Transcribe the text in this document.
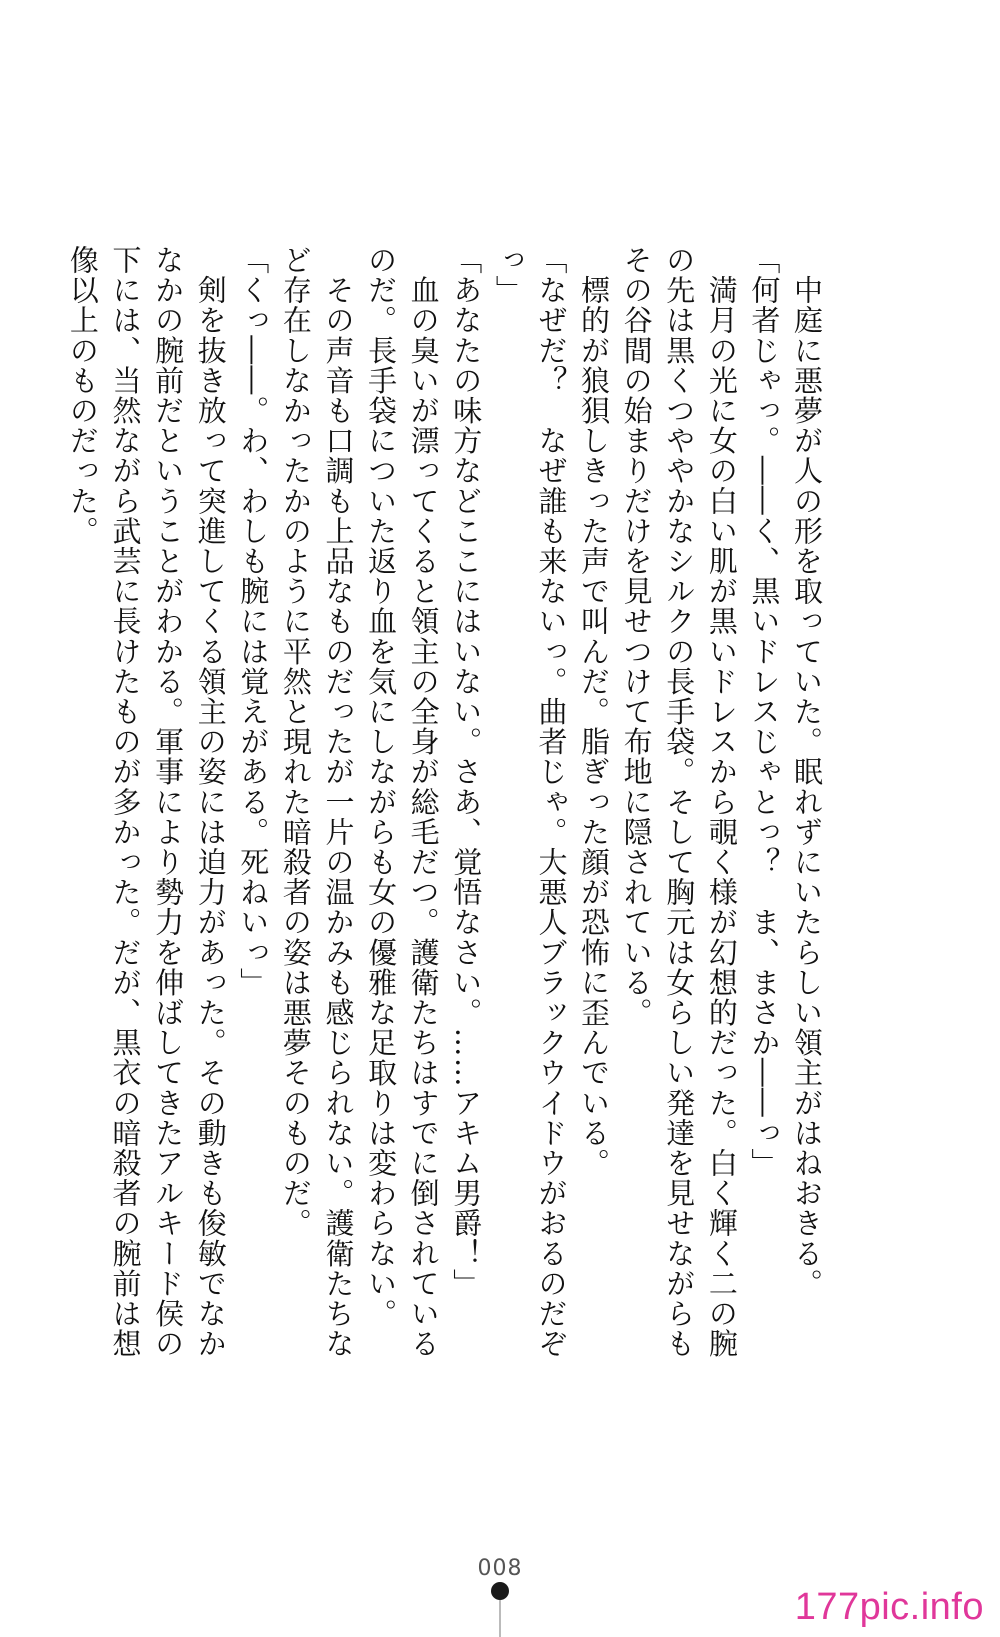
　中庭に悪夢が人の形を取っていた。眠れずにいたらしい領主がはねおきる。

「何者じゃっ。――く、黒いドレスじゃとっ？　ま、まさか――っ」

　満月の光に女の白い肌が黒いドレスから覗く様が幻想的だった。白く輝く二の腕の先は黒くつややかなシルクの長手袋。そして胸元は女らしい発達を見せながらもその谷間の始まりだけを見せつけて布地に隠されている。

　標的が狼狽しきった声で叫んだ。脂ぎった顔が恐怖に歪んでいる。

「なぜだ？　なぜ誰も来ないっ。曲者じゃ。大悪人ブラックウイドウがおるのだぞっ」

「あなたの味方などここにはいない。さあ、覚悟なさい。……アキム男爵！」

　血の臭いが漂ってくると領主の全身が総毛だつ。護衛たちはすでに倒されているのだ。長手袋についた返り血を気にしながらも女の優雅な足取りは変わらない。

　その声音も口調も上品なものだったが一片の温かみも感じられない。護衛たちなど存在しなかったかのように平然と現れた暗殺者の姿は悪夢そのものだ。

「くっ――。わ、わしも腕には覚えがある。死ねいっ」

　剣を抜き放って突進してくる領主の姿には迫力があった。その動きも俊敏でなかなかの腕前だということがわかる。軍事により勢力を伸ばしてきたアルキード侯の下には、当然ながら武芸に長けたものが多かった。だが、黒衣の暗殺者の腕前は想像以上のものだった。

008
177pic.info
